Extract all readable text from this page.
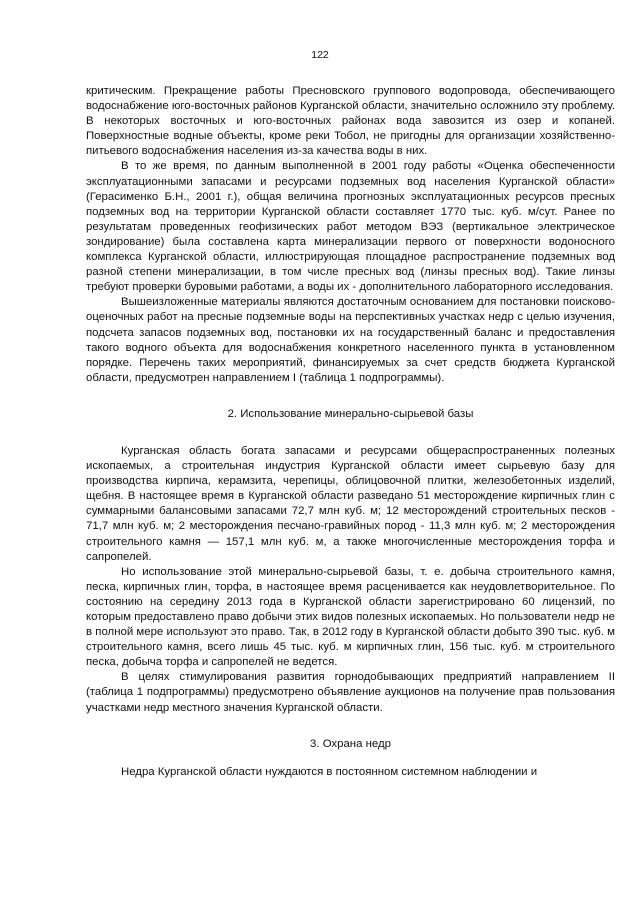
122

критическим. Прекращение работы Пресновского группового водопровода, обеспечивающего водоснабжение юго-восточных районов Курганской области, значительно осложнило эту проблему. В некоторых восточных и юго-восточных районах вода завозится из озер и копаней. Поверхностные водные объекты, кроме реки Тобол, не пригодны для организации хозяйственно-питьевого водоснабжения населения из-за качества воды в них.

В то же время, по данным выполненной в 2001 году работы «Оценка обеспеченности эксплуатационными запасами и ресурсами подземных вод населения Курганской области» (Герасименко Б.Н., 2001 г.), общая величина прогнозных эксплуатационных ресурсов пресных подземных вод на территории Курганской области составляет 1770 тыс. куб. м/сут. Ранее по результатам проведенных геофизических работ методом ВЭЗ (вертикальное электрическое зондирование) была составлена карта минерализации первого от поверхности водоносного комплекса Курганской области, иллюстрирующая площадное распространение подземных вод разной степени минерализации, в том числе пресных вод (линзы пресных вод). Такие линзы требуют проверки буровыми работами, а воды их - дополнительного лабораторного исследования.

Вышеизложенные материалы являются достаточным основанием для постановки поисково-оценочных работ на пресные подземные воды на перспективных участках недр с целью изучения, подсчета запасов подземных вод, постановки их на государственный баланс и предоставления такого водного объекта для водоснабжения конкретного населенного пункта в установленном порядке. Перечень таких мероприятий, финансируемых за счет средств бюджета Курганской области, предусмотрен направлением I (таблица 1 подпрограммы).

2. Использование минерально-сырьевой базы

Курганская область богата запасами и ресурсами общераспространенных полезных ископаемых, а строительная индустрия Курганской области имеет сырьевую базу для производства кирпича, керамзита, черепицы, облицовочной плитки, железобетонных изделий, щебня. В настоящее время в Курганской области разведано 51 месторождение кирпичных глин с суммарными балансовыми запасами 72,7 млн куб. м; 12 месторождений строительных песков - 71,7 млн куб. м; 2 месторождения песчано-гравийных пород - 11,3 млн куб. м; 2 месторождения строительного камня — 157,1 млн куб. м, а также многочисленные месторождения торфа и сапропелей.

Но использование этой минерально-сырьевой базы, т. е. добыча строительного камня, песка, кирпичных глин, торфа, в настоящее время расценивается как неудовлетворительное. По состоянию на середину 2013 года в Курганской области зарегистрировано 60 лицензий, по которым предоставлено право добычи этих видов полезных ископаемых. Но пользователи недр не в полной мере используют это право. Так, в 2012 году в Курганской области добыто 390 тыс. куб. м строительного камня, всего лишь 45 тыс. куб. м кирпичных глин, 156 тыс. куб. м строительного песка, добыча торфа и сапропелей не ведется.

В целях стимулирования развития горнодобывающих предприятий направлением II (таблица 1 подпрограммы) предусмотрено объявление аукционов на получение прав пользования участками недр местного значения Курганской области.

3. Охрана недр

Недра Курганской области нуждаются в постоянном системном наблюдении и
